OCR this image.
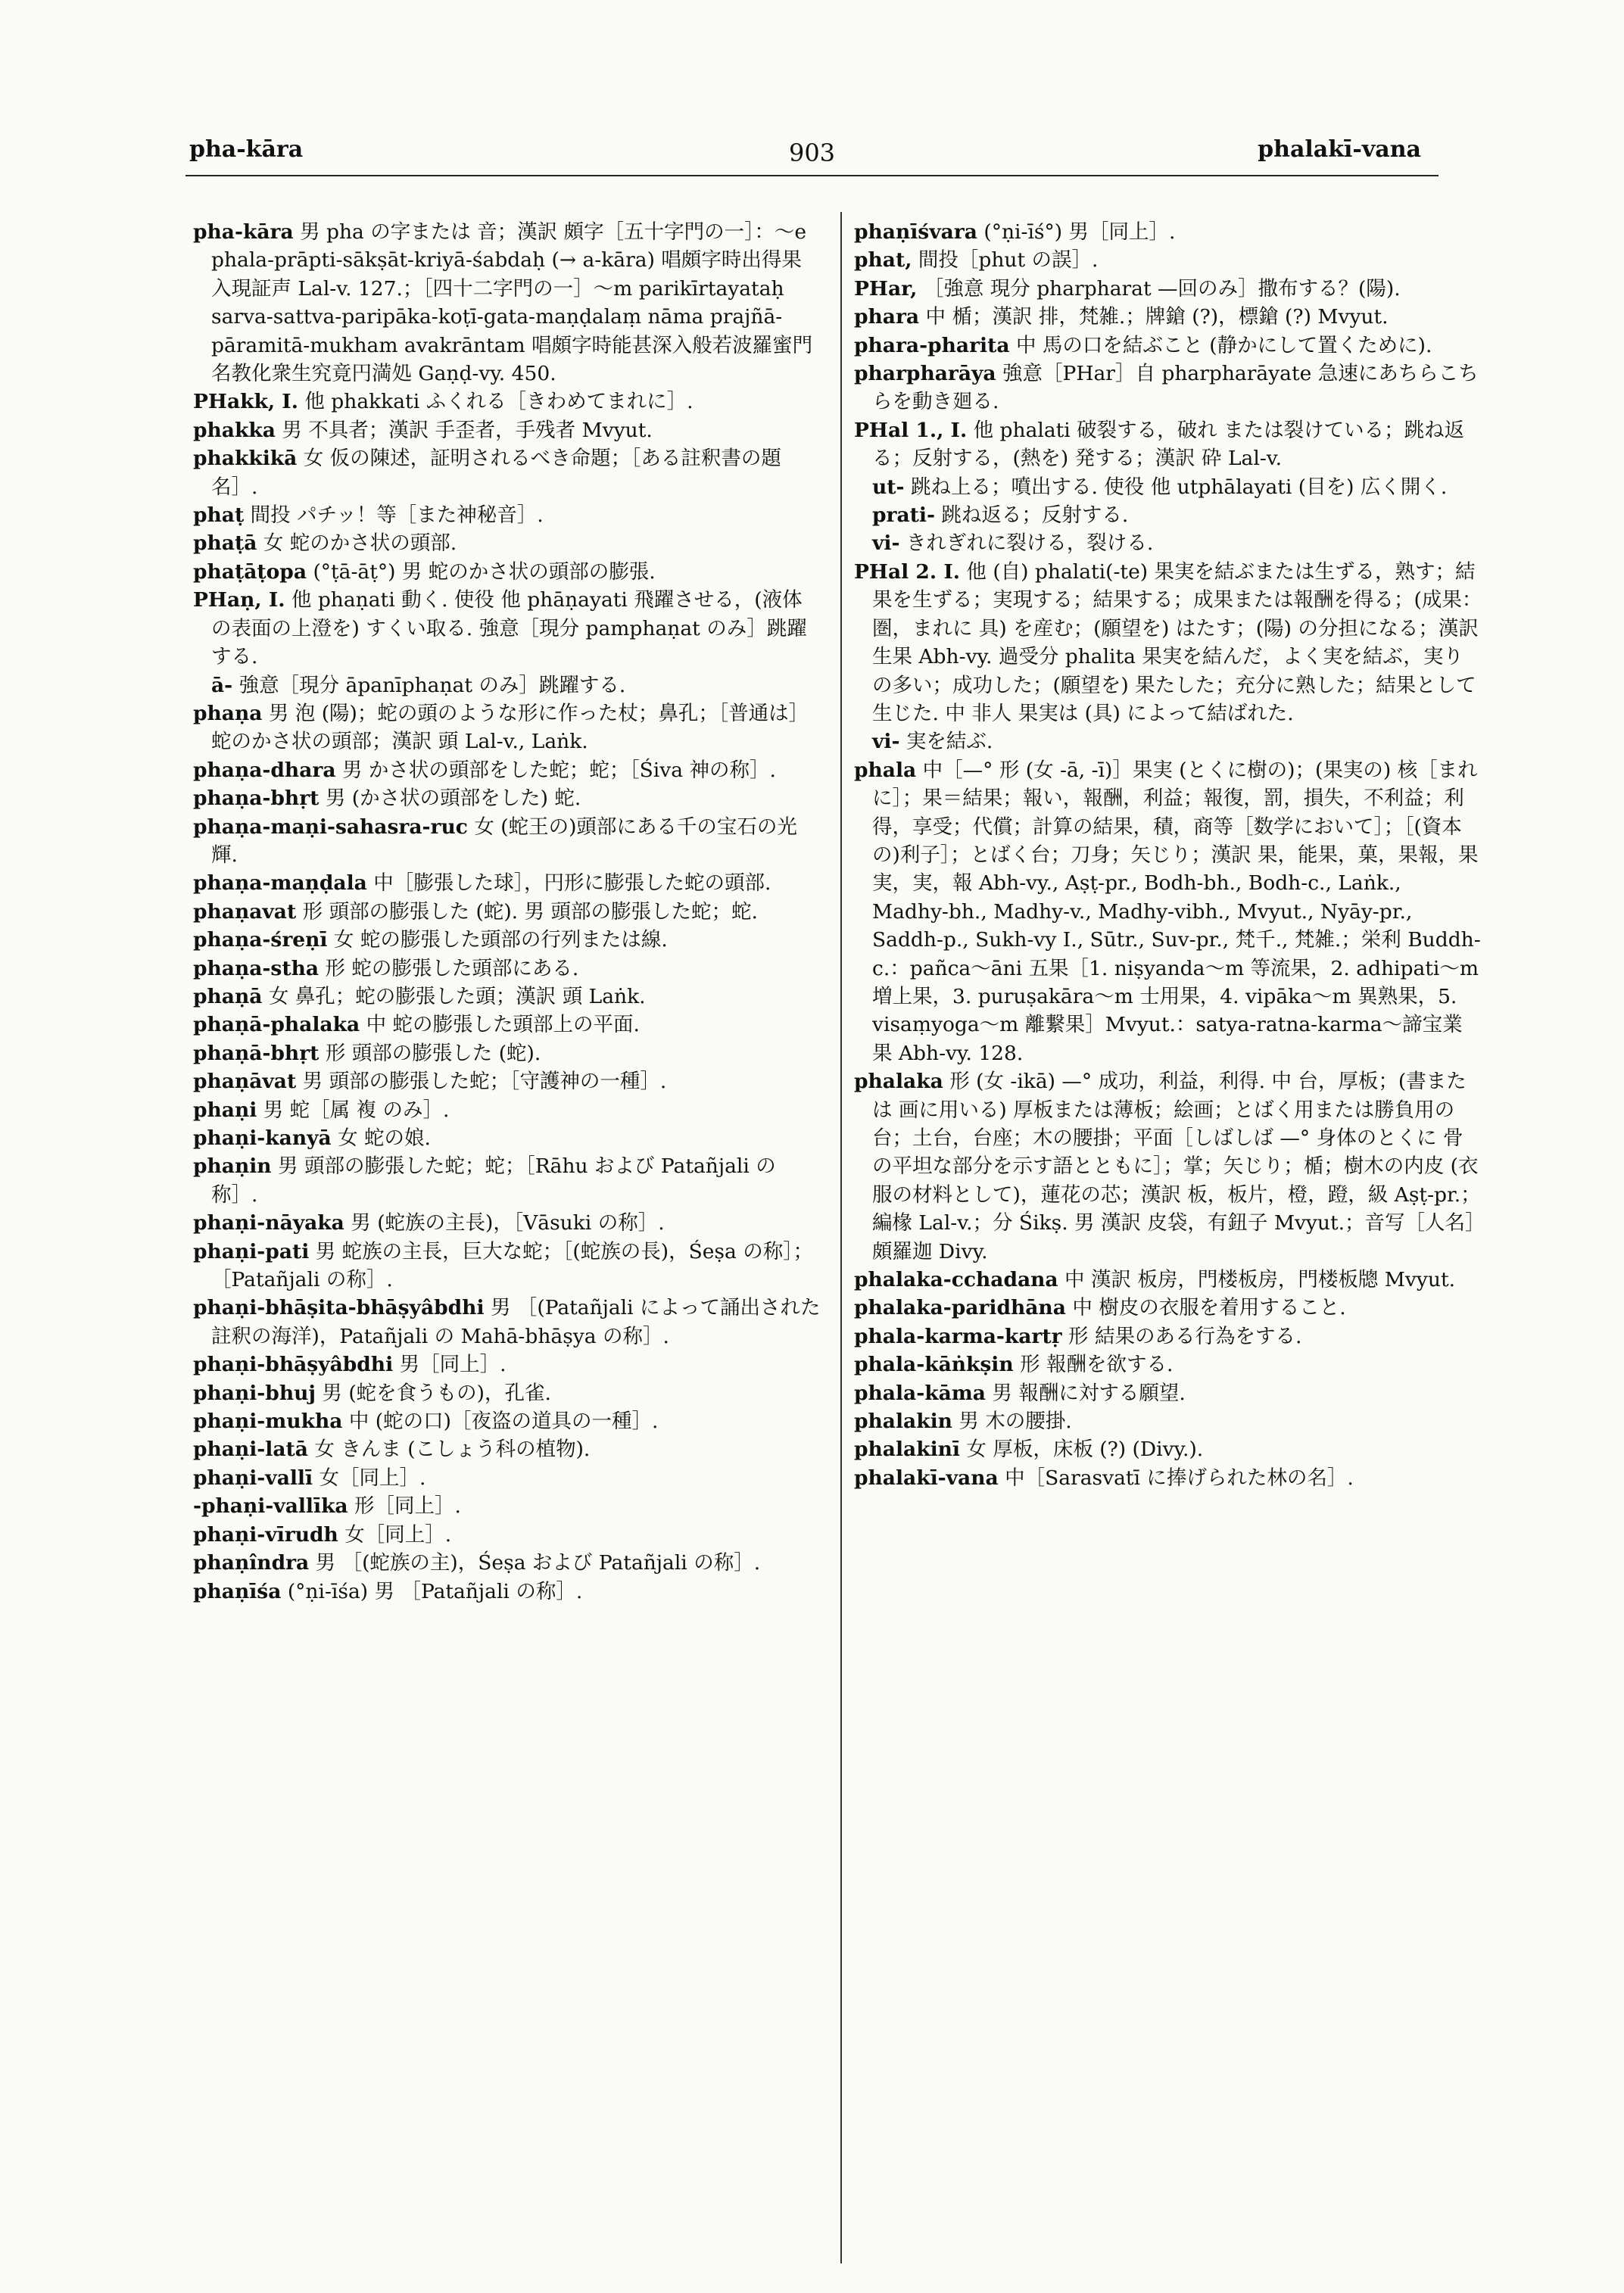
pha-kāra	903	phalakī-vana

pha-kāra 男 pha の字または 音；漢訳 頗字［五十字門の一］：～e phala-prāpti-sākṣāt-kriyā-śabdaḥ (→ a-kāra) 唱頗字時出得果入現証声 Lal-v. 127.；［四十二字門の一］～m parikīrtayataḥ sarva-sattva-paripāka-koṭī-gata-maṇḍalaṃ nāma prajñā-pāramitā-mukham avakrāntam 唱頗字時能甚深入般若波羅蜜門名教化衆生究竟円満処 Gaṇḍ-vy. 450.

PHakk, I. 他 phakkati ふくれる［きわめてまれに］.

phakka 男 不具者；漢訳 手歪者，手残者 Mvyut.

phakkikā 女 仮の陳述，証明されるべき命題；［ある註釈書の題名］.

phaṭ 間投 パチッ！等［また神秘音］.

phaṭā 女 蛇のかさ状の頭部.

phaṭāṭopa (°ṭā-āṭ°) 男 蛇のかさ状の頭部の膨張.

PHaṇ, I. 他 phaṇati 動く. 使役 他 phāṇayati 飛躍させる，(液体の表面の上澄を) すくい取る. 強意［現分 pamphaṇat のみ］跳躍する.

ā- 強意［現分 āpanīphaṇat のみ］跳躍する.

phaṇa 男 泡 (陽)；蛇の頭のような形に作った杖；鼻孔；［普通は］蛇のかさ状の頭部；漢訳 頭 Lal-v., Laṅk.

phaṇa-dhara 男 かさ状の頭部をした蛇；蛇；［Śiva 神の称］.

phaṇa-bhṛt 男 (かさ状の頭部をした) 蛇.

phaṇa-maṇi-sahasra-ruc 女 (蛇王の)頭部にある千の宝石の光輝.

phaṇa-maṇḍala 中［膨張した球］，円形に膨張した蛇の頭部.

phaṇavat 形 頭部の膨張した (蛇). 男 頭部の膨張した蛇；蛇.

phaṇa-śreṇī 女 蛇の膨張した頭部の行列または線.

phaṇa-stha 形 蛇の膨張した頭部にある.

phaṇā 女 鼻孔；蛇の膨張した頭；漢訳 頭 Laṅk.

phaṇā-phalaka 中 蛇の膨張した頭部上の平面.

phaṇā-bhṛt 形 頭部の膨張した (蛇).

phaṇāvat 男 頭部の膨張した蛇；［守護神の一種］.

phaṇi 男 蛇［属 複 のみ］.

phaṇi-kanyā 女 蛇の娘.

phaṇin 男 頭部の膨張した蛇；蛇；［Rāhu および Patañjali の称］.

phaṇi-nāyaka 男 (蛇族の主長)，［Vāsuki の称］.

phaṇi-pati 男 蛇族の主長，巨大な蛇；［(蛇族の長)，Śeṣa の称］；［Patañjali の称］.

phaṇi-bhāṣita-bhāṣyâbdhi 男 ［(Patañjali によって誦出された註釈の海洋)，Patañjali の Mahā-bhāṣya の称］.

phaṇi-bhāṣyâbdhi 男［同上］.

phaṇi-bhuj 男 (蛇を食うもの)，孔雀.

phaṇi-mukha 中 (蛇の口)［夜盗の道具の一種］.

phaṇi-latā 女 きんま (こしょう科の植物).

phaṇi-vallī 女［同上］.

-phaṇi-vallīka 形［同上］.

phaṇi-vīrudh 女［同上］.

phaṇîndra 男 ［(蛇族の主)，Śeṣa および Patañjali の称］.

phaṇīśa (°ṇi-īśa) 男 ［Patañjali の称］.

phaṇīśvara (°ṇi-īś°) 男［同上］.

phat, 間投［phut の誤］.

PHar, ［強意 現分 pharpharat —回のみ］撒布する？(陽).

phara 中 楯；漢訳 排，梵雑.；牌鎗 (?)，標鎗 (?) Mvyut.

phara-pharita 中 馬の口を結ぶこと (静かにして置くために).

pharpharāya 強意［PHar］自 pharpharāyate 急速にあちらこちらを動き廻る.

PHal 1., I. 他 phalati 破裂する，破れ または裂けている；跳ね返る；反射する，(熱を) 発する；漢訳 砕 Lal-v.

ut- 跳ね上る；噴出する. 使役 他 utphālayati (目を) 広く開く.

prati- 跳ね返る；反射する.

vi- きれぎれに裂ける，裂ける.

PHal 2. I. 他 (自) phalati(-te) 果実を結ぶまたは生ずる，熟す；結果を生ずる；実現する；結果する；成果または報酬を得る；(成果：圏，まれに 具) を産む；(願望を) はたす；(陽) の分担になる；漢訳 生果 Abh-vy. 過受分 phalita 果実を結んだ，よく実を結ぶ，実りの多い；成功した；(願望を) 果たした；充分に熟した；結果として生じた. 中 非人 果実は (具) によって結ばれた.

vi- 実を結ぶ.

phala 中［—° 形 (女 -ā, -ī)］果実 (とくに樹の)；(果実の) 核［まれに］；果＝結果；報い，報酬，利益；報復，罰，損失，不利益；利得，享受；代償；計算の結果，積，商等［数学において］；［(資本の)利子］；とばく台；刀身；矢じり；漢訳 果，能果，菓，果報，果実，実，報 Abh-vy., Aṣṭ-pr., Bodh-bh., Bodh-c., Laṅk., Madhy-bh., Madhy-v., Madhy-vibh., Mvyut., Nyāy-pr., Saddh-p., Sukh-vy I., Sūtr., Suv-pr., 梵千., 梵雑.；栄利 Buddh-c.：pañca～āni 五果［1. niṣyanda～m 等流果，2. adhipati～m 増上果，3. puruṣakāra～m 士用果，4. vipāka～m 異熟果，5. visaṃyoga～m 離繋果］Mvyut.：satya-ratna-karma～諦宝業果 Abh-vy. 128.

phalaka 形 (女 -ikā) —° 成功，利益，利得. 中 台，厚板；(書または 画に用いる) 厚板または薄板；絵画；とばく用または勝負用の台；土台，台座；木の腰掛；平面［しばしば —° 身体のとくに 骨の平坦な部分を示す語とともに］；掌；矢じり；楯；樹木の内皮 (衣服の材料として)，蓮花の芯；漢訳 板，板片，橙，蹬，級 Aṣṭ-pr.；編椽 Lal-v.；分 Śikṣ. 男 漢訳 皮袋，有鈕子 Mvyut.；音写［人名］頗羅迦 Divy.

phalaka-cchadana 中 漢訳 板房，門楼板房，門楼板牕 Mvyut.

phalaka-paridhāna 中 樹皮の衣服を着用すること.

phala-karma-kartṛ 形 結果のある行為をする.

phala-kāṅkṣin 形 報酬を欲する.

phala-kāma 男 報酬に対する願望.

phalakin 男 木の腰掛.

phalakinī 女 厚板，床板 (?) (Divy.).

phalakī-vana 中［Sarasvatī に捧げられた林の名］.
